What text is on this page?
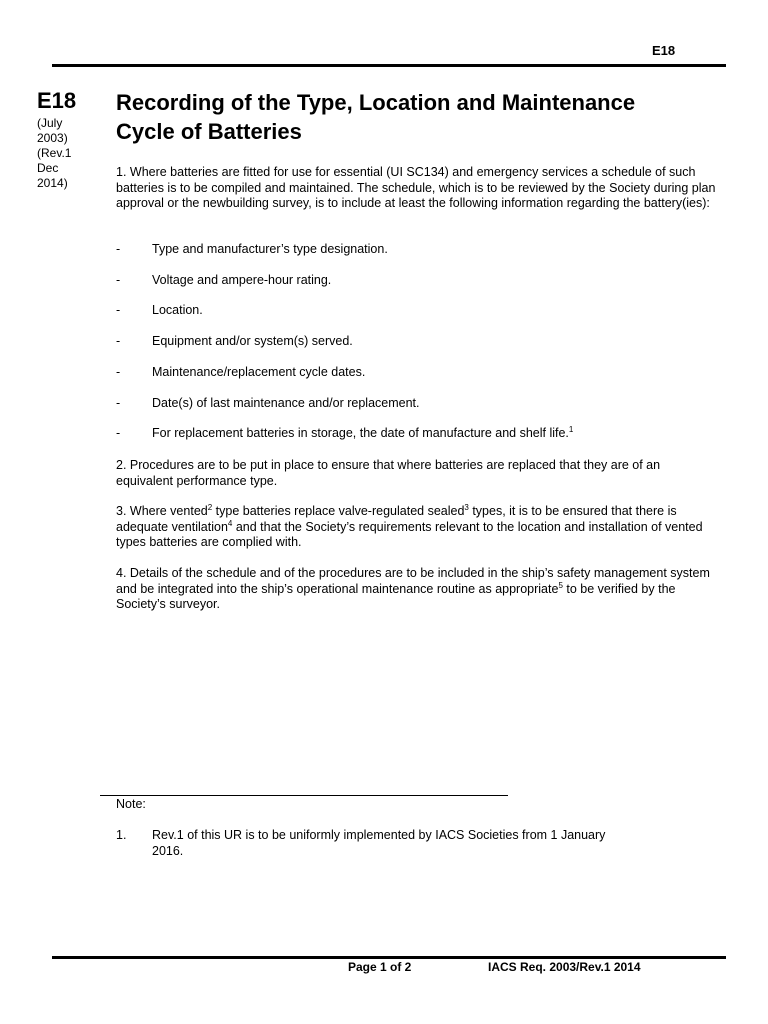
E18
E18
(July
2003)
(Rev.1
Dec
2014)
Recording of the Type, Location and Maintenance Cycle of Batteries

1. Where batteries are fitted for use for essential (UI SC134) and emergency services a schedule of such batteries is to be compiled and maintained. The schedule, which is to be reviewed by the Society during plan approval or the newbuilding survey, is to include at least the following information regarding the battery(ies):

-	Type and manufacturer’s type designation.
-	Voltage and ampere-hour rating.
-	Location.
-	Equipment and/or system(s) served.
-	Maintenance/replacement cycle dates.
-	Date(s) of last maintenance and/or replacement.
-	For replacement batteries in storage, the date of manufacture and shelf life.$^1$

2. Procedures are to be put in place to ensure that where batteries are replaced that they are of an equivalent performance type.

3. Where vented$^2$ type batteries replace valve-regulated sealed$^3$ types, it is to be ensured that there is adequate ventilation$^4$ and that the Society’s requirements relevant to the location and installation of vented types batteries are complied with.

4. Details of the schedule and of the procedures are to be included in the ship’s safety management system and be integrated into the ship’s operational maintenance routine as appropriate$^5$ to be verified by the Society’s surveyor.

Note:
1. Rev.1 of this UR is to be uniformly implemented by IACS Societies from 1 January 2016.
Page 1 of 2	IACS Req. 2003/Rev.1 2014
